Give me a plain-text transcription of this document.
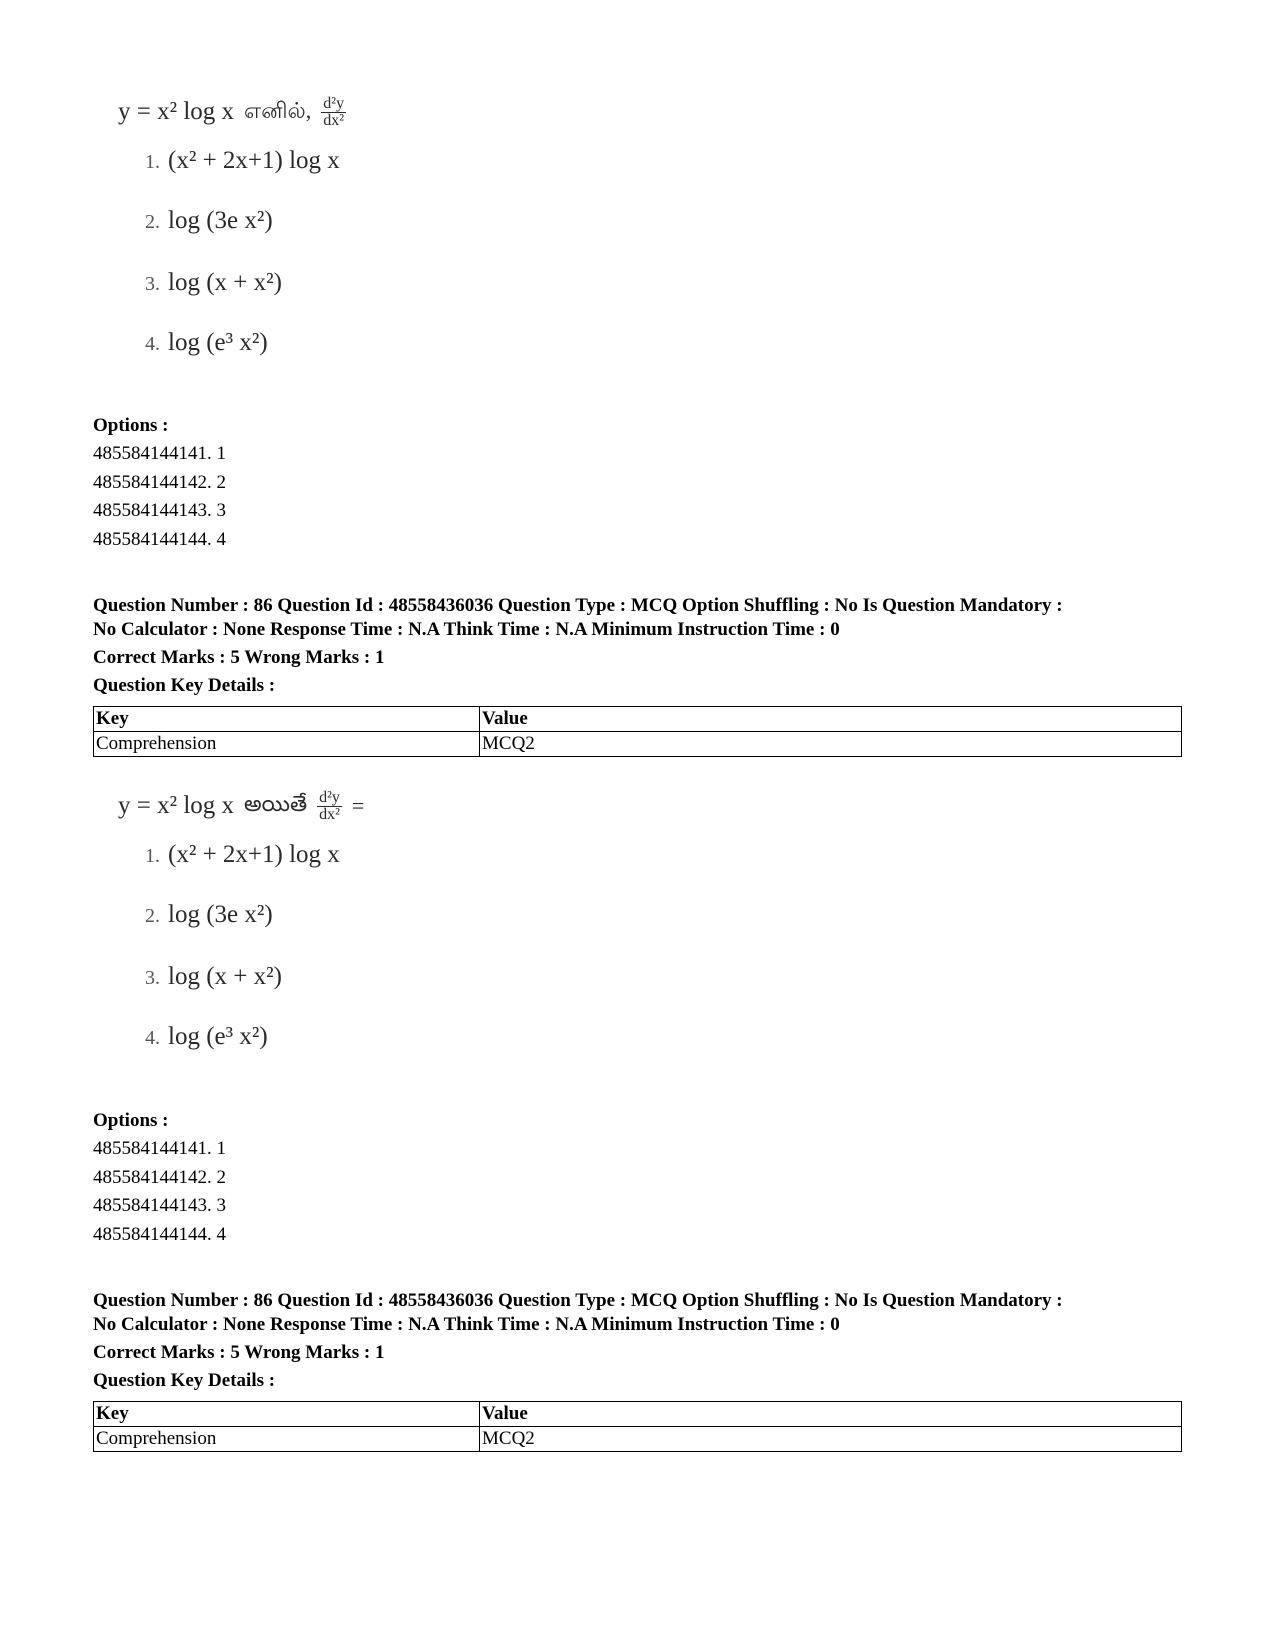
y = x² log x எனில், $\frac{\text{d²y}}{\text{dx²}}$
1. (x² + 2x+1) log x
2. log (3e x²)
3. log (x + x²)
4. log (e³ x²)

Options :

485584144141. 1

485584144142. 2

485584144143. 3

485584144144. 4

Question Number : 86 Question Id : 48558436036 Question Type : MCQ Option Shuffling : No Is Question Mandatory :

No Calculator : None Response Time : N.A Think Time : N.A Minimum Instruction Time : 0

Correct Marks : 5 Wrong Marks : 1

Question Key Details :

Key	Value
Comprehension	MCQ2
y = x² log x అయితే $\frac{\text{d²y}}{\text{dx²}}$ =
1. (x² + 2x+1) log x
2. log (3e x²)
3. log (x + x²)
4. log (e³ x²)

Options :

485584144141. 1

485584144142. 2

485584144143. 3

485584144144. 4

Question Number : 86 Question Id : 48558436036 Question Type : MCQ Option Shuffling : No Is Question Mandatory :

No Calculator : None Response Time : N.A Think Time : N.A Minimum Instruction Time : 0

Correct Marks : 5 Wrong Marks : 1

Question Key Details :

Key	Value
Comprehension	MCQ2
